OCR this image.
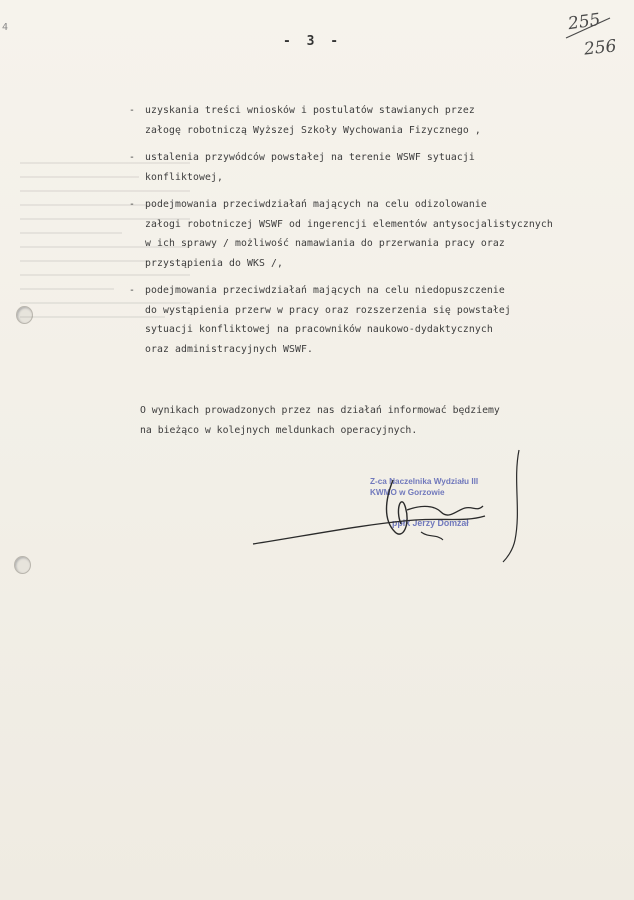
4
- 3 -
255
256
-	uzyskania treści wniosków i postulatów stawianych przez
załogę robotniczą Wyższej Szkoły Wychowania Fizycznego ,
-	ustalenia przywódców powstałej na terenie WSWF sytuacji
konfliktowej,
-	podejmowania przeciwdziałań mających na celu odizolowanie
załogi robotniczej WSWF od ingerencji elementów antysocjalistycznych
w ich sprawy / możliwość namawiania do przerwania pracy oraz
przystąpienia do WKS /,
-	podejmowania przeciwdziałań mających na celu niedopuszczenie
do wystąpienia przerw w pracy oraz rozszerzenia się powstałej
sytuacji konfliktowej na pracowników naukowo-dydaktycznych
oraz administracyjnych WSWF.
O wynikach prowadzonych przez nas działań informować będziemy
na bieżąco w kolejnych meldunkach operacyjnych.
Z-ca Naczelnika Wydziału III
KWMO w Gorzowie
ppłk Jerzy Domżał
